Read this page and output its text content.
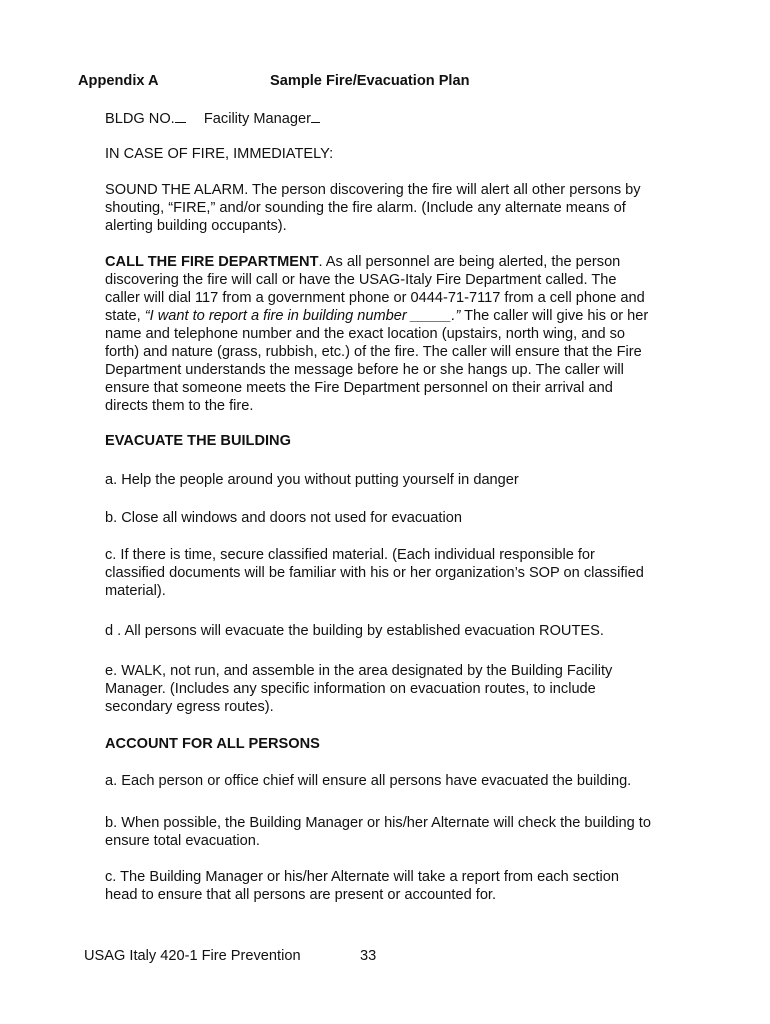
Appendix A	Sample Fire/Evacuation Plan
BLDG NO. Facility Manager
IN CASE OF FIRE, IMMEDIATELY:
SOUND THE ALARM. The person discovering the fire will alert all other persons by
shouting, “FIRE,” and/or sounding the fire alarm. (Include any alternate means of
alerting building occupants).
CALL THE FIRE DEPARTMENT. As all personnel are being alerted, the person
discovering the fire will call or have the USAG-Italy Fire Department called. The
caller will dial 117 from a government phone or 0444-71-7117 from a cell phone and
state, “I want to report a fire in building number _____.” The caller will give his or her
name and telephone number and the exact location (upstairs, north wing, and so
forth) and nature (grass, rubbish, etc.) of the fire. The caller will ensure that the Fire
Department understands the message before he or she hangs up. The caller will
ensure that someone meets the Fire Department personnel on their arrival and
directs them to the fire.
EVACUATE THE BUILDING
a. Help the people around you without putting yourself in danger
b. Close all windows and doors not used for evacuation
c. If there is time, secure classified material. (Each individual responsible for
classified documents will be familiar with his or her organization’s SOP on classified
material).
d . All persons will evacuate the building by established evacuation ROUTES.
e. WALK, not run, and assemble in the area designated by the Building Facility
Manager. (Includes any specific information on evacuation routes, to include
secondary egress routes).
ACCOUNT FOR ALL PERSONS
a. Each person or office chief will ensure all persons have evacuated the building.
b. When possible, the Building Manager or his/her Alternate will check the building to
ensure total evacuation.
c. The Building Manager or his/her Alternate will take a report from each section
head to ensure that all persons are present or accounted for.
USAG Italy 420-1 Fire Prevention	33
